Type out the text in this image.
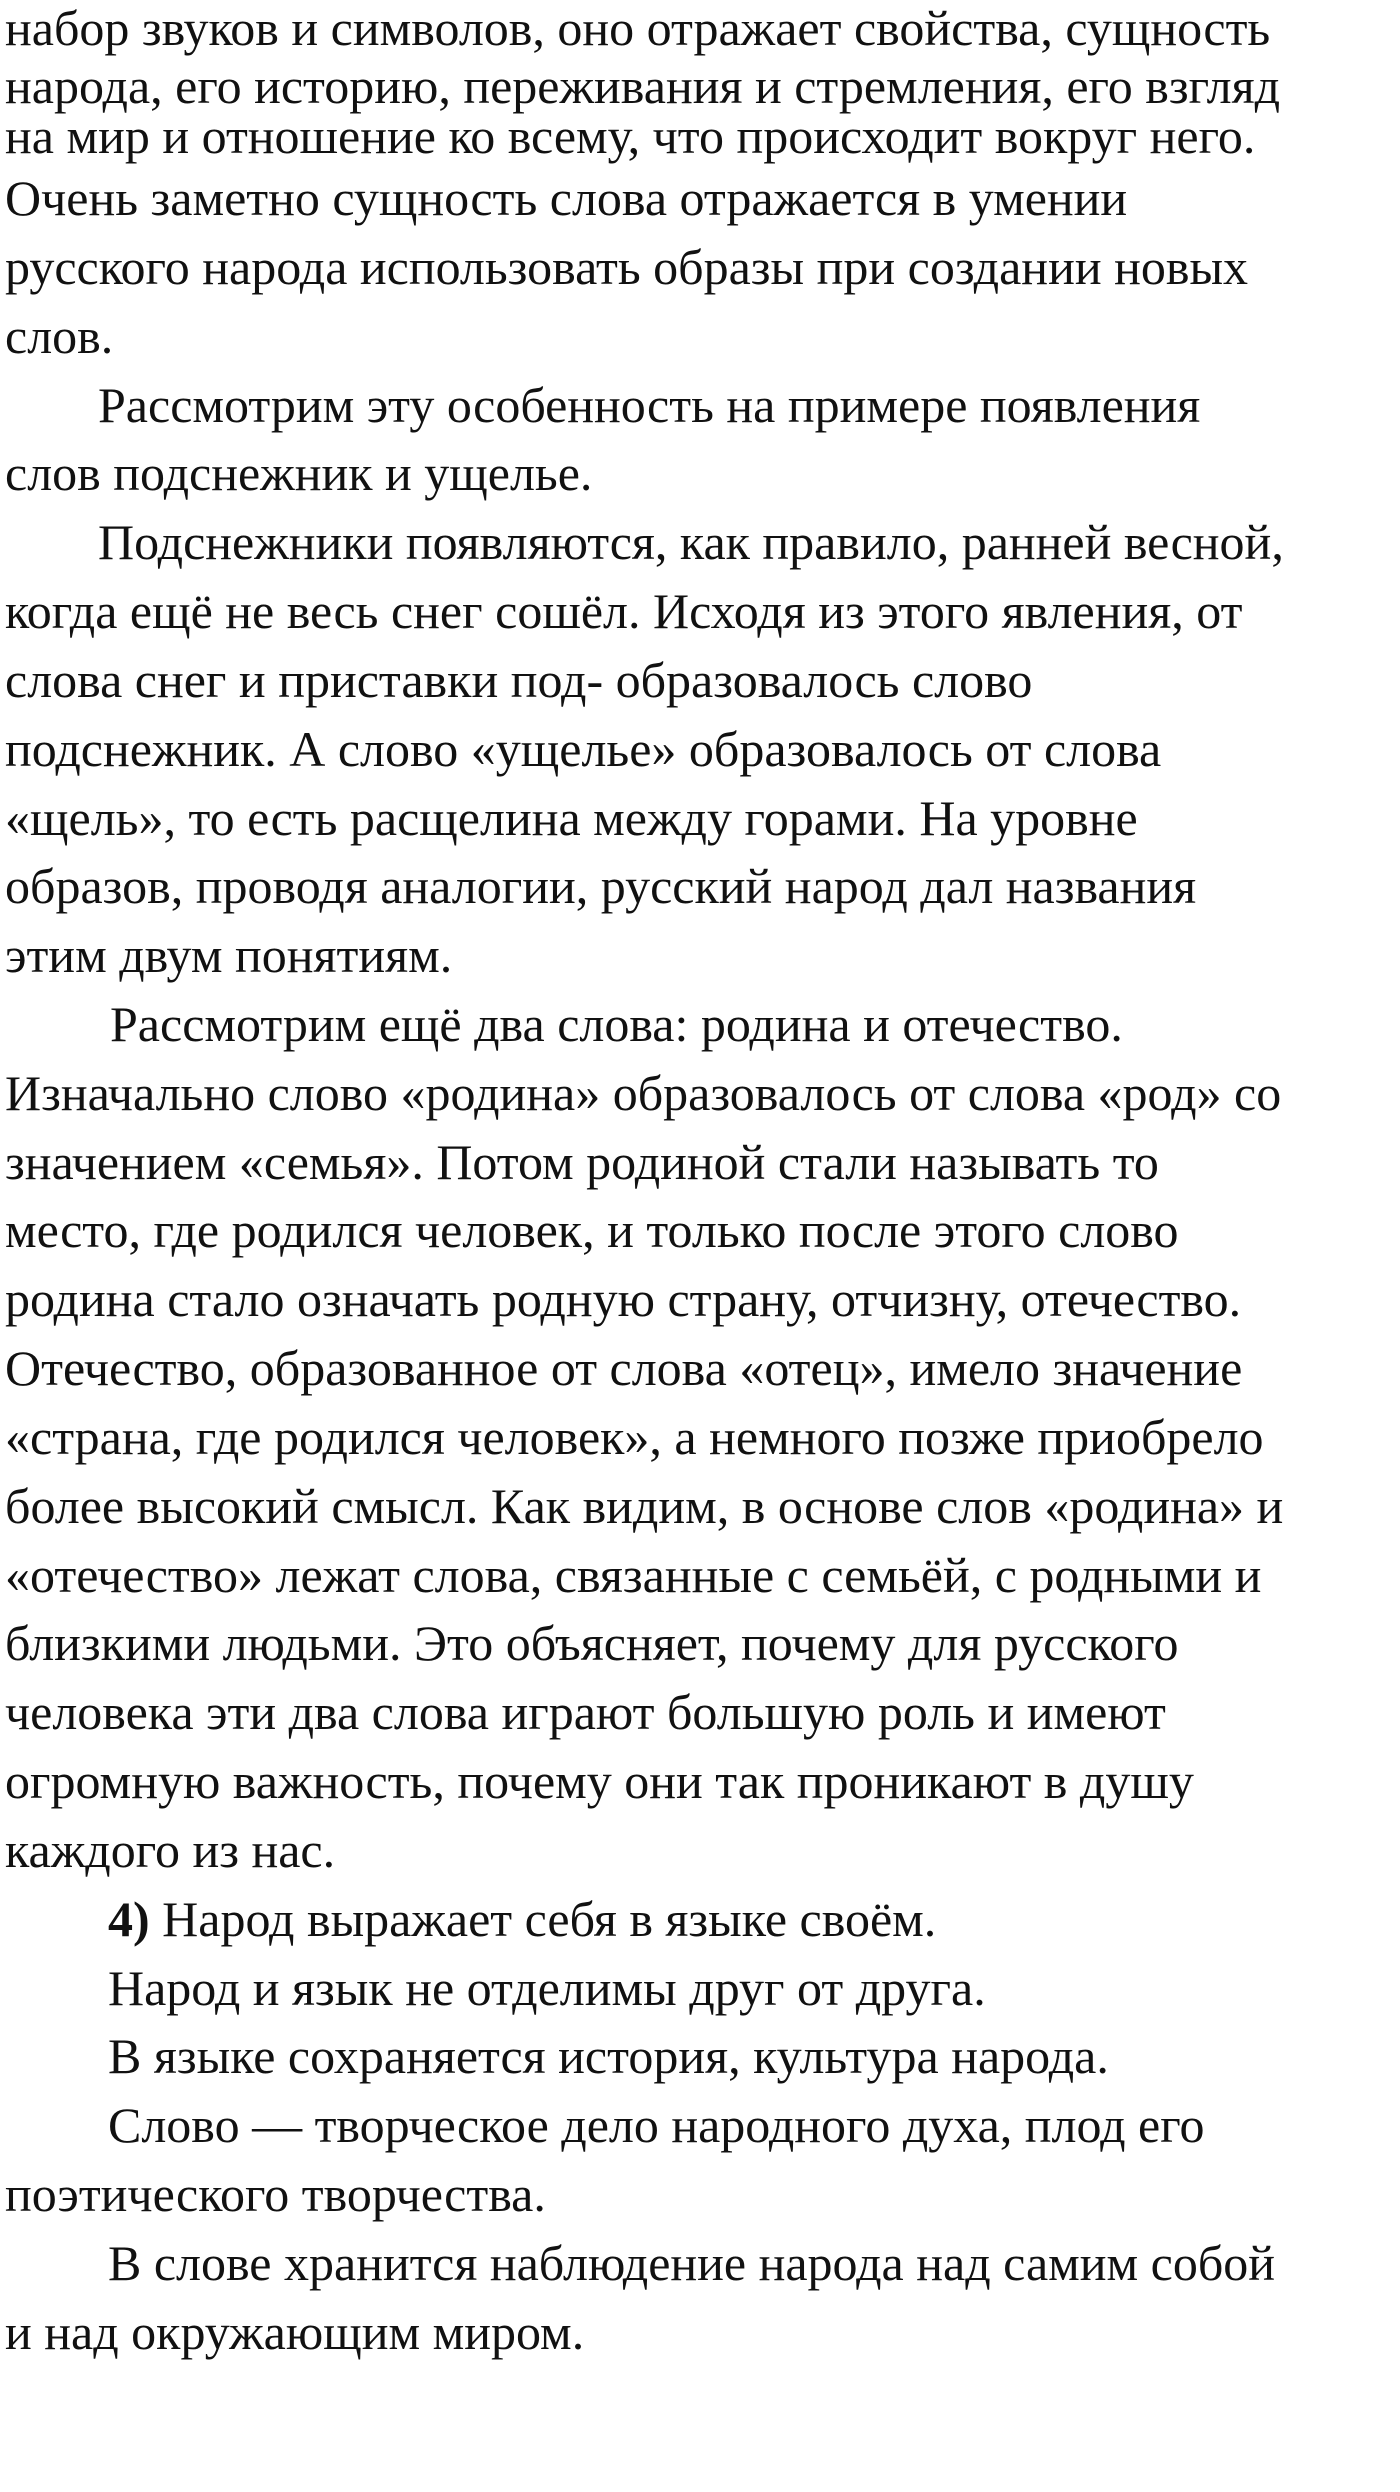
набор звуков и символов, оно отражает свойства, сущность
народа, его историю, переживания и стремления, его взгляд
на мир и отношение ко всему, что происходит вокруг него.
Очень заметно сущность слова отражается в умении
русского народа использовать образы при создании новых
слов.
Рассмотрим эту особенность на примере появления
слов подснежник и ущелье.
Подснежники появляются, как правило, ранней весной,
когда ещё не весь снег сошёл. Исходя из этого явления, от
слова снег и приставки под- образовалось слово
подснежник. А слово «ущелье» образовалось от слова
«щель», то есть расщелина между горами. На уровне
образов, проводя аналогии, русский народ дал названия
этим двум понятиям.
Рассмотрим ещё два слова: родина и отечество.
Изначально слово «родина» образовалось от слова «род» со
значением «семья». Потом родиной стали называть то
место, где родился человек, и только после этого слово
родина стало означать родную страну, отчизну, отечество.
Отечество, образованное от слова «отец», имело значение
«страна, где родился человек», а немного позже приобрело
более высокий смысл. Как видим, в основе слов «родина» и
«отечество» лежат слова, связанные с семьёй, с родными и
близкими людьми. Это объясняет, почему для русского
человека эти два слова играют большую роль и имеют
огромную важность, почему они так проникают в душу
каждого из нас.
4) Народ выражает себя в языке своём.
Народ и язык не отделимы друг от друга.
В языке сохраняется история, культура народа.
Слово — творческое дело народного духа, плод его
поэтического творчества.
В слове хранится наблюдение народа над самим собой
и над окружающим миром.
